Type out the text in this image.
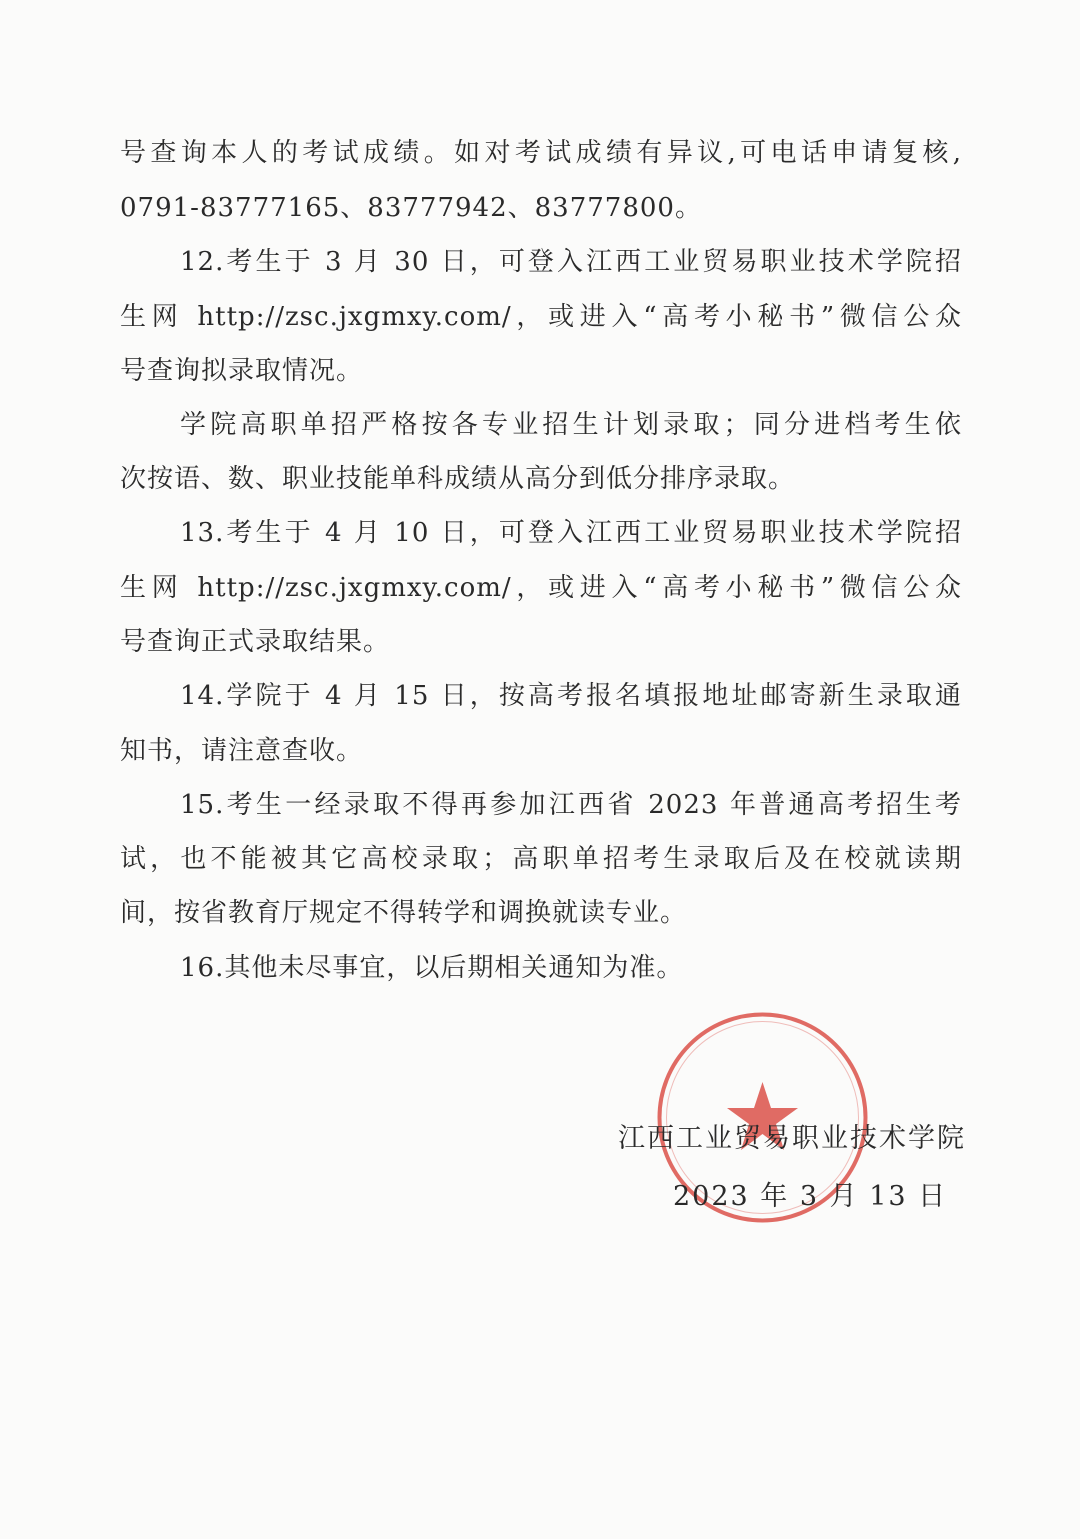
号查询本人的考试成绩。如对考试成绩有异议,可电话申请复核,
0791-83777165、83777942、83777800。
12.考生于 3 月 30 日，可登入江西工业贸易职业技术学院招
生网 http://zsc.jxgmxy.com/，或进入“高考小秘书”微信公众
号查询拟录取情况。
学院高职单招严格按各专业招生计划录取；同分进档考生依
次按语、数、职业技能单科成绩从高分到低分排序录取。
13.考生于 4 月 10 日，可登入江西工业贸易职业技术学院招
生网 http://zsc.jxgmxy.com/，或进入“高考小秘书”微信公众
号查询正式录取结果。
14.学院于 4 月 15 日，按高考报名填报地址邮寄新生录取通
知书，请注意查收。
15.考生一经录取不得再参加江西省 2023 年普通高考招生考
试，也不能被其它高校录取；高职单招考生录取后及在校就读期
间，按省教育厅规定不得转学和调换就读专业。
16.其他未尽事宜，以后期相关通知为准。
江西工业贸易职业技术学院
2023 年 3 月 13 日
